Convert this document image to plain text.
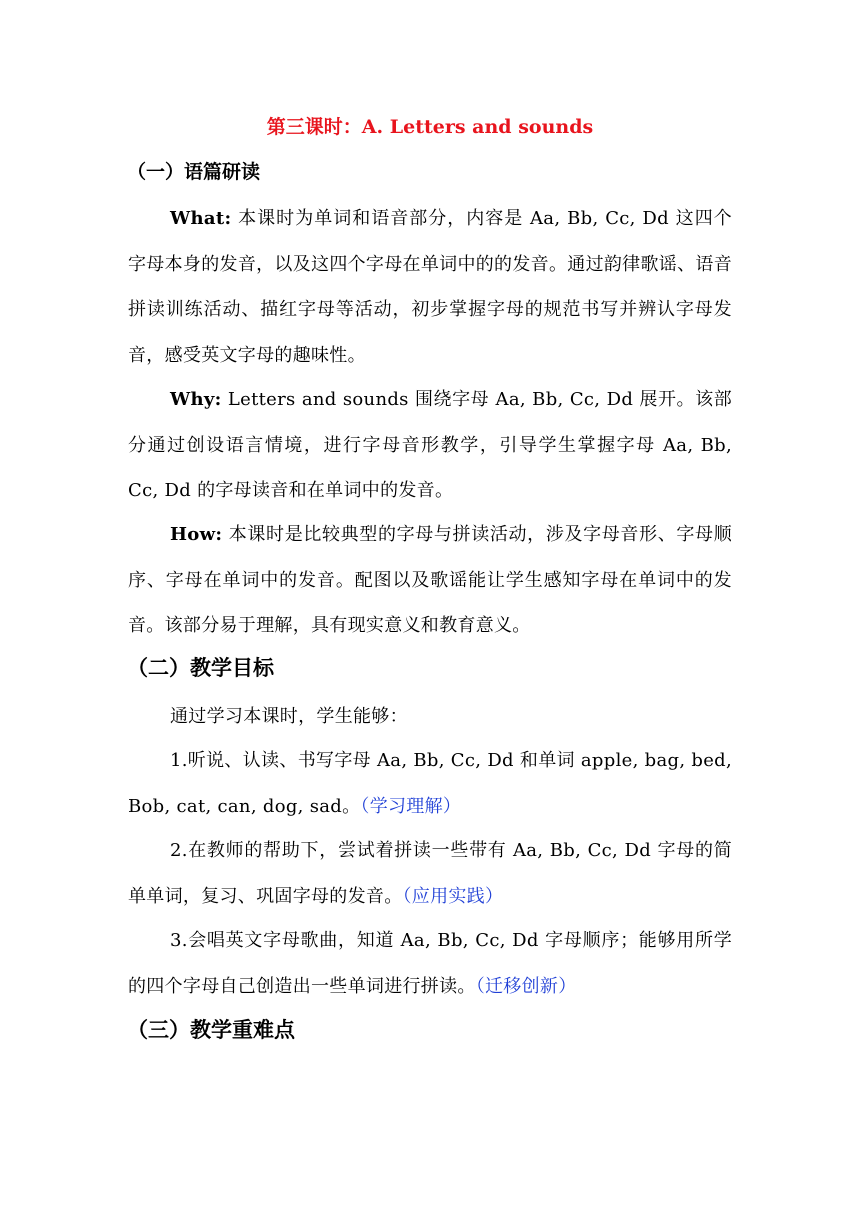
第三课时：A. Letters and sounds
（一）语篇研读

What: 本课时为单词和语音部分，内容是 Aa, Bb, Cc, Dd 这四个字母本身的发音，以及这四个字母在单词中的的发音。通过韵律歌谣、语音拼读训练活动、描红字母等活动，初步掌握字母的规范书写并辨认字母发音，感受英文字母的趣味性。

Why: Letters and sounds 围绕字母 Aa, Bb, Cc, Dd 展开。该部分通过创设语言情境，进行字母音形教学，引导学生掌握字母 Aa, Bb, Cc, Dd 的字母读音和在单词中的发音。

How: 本课时是比较典型的字母与拼读活动，涉及字母音形、字母顺序、字母在单词中的发音。配图以及歌谣能让学生感知字母在单词中的发音。该部分易于理解，具有现实意义和教育意义。

（二）教学目标

通过学习本课时，学生能够：

1.听说、认读、书写字母 Aa, Bb, Cc, Dd 和单词 apple, bag, bed, Bob, cat, can, dog, sad。（学习理解）

2.在教师的帮助下，尝试着拼读一些带有 Aa, Bb, Cc, Dd 字母的简单单词，复习、巩固字母的发音。（应用实践）

3.会唱英文字母歌曲，知道 Aa, Bb, Cc, Dd 字母顺序；能够用所学的四个字母自己创造出一些单词进行拼读。（迁移创新）

（三）教学重难点
